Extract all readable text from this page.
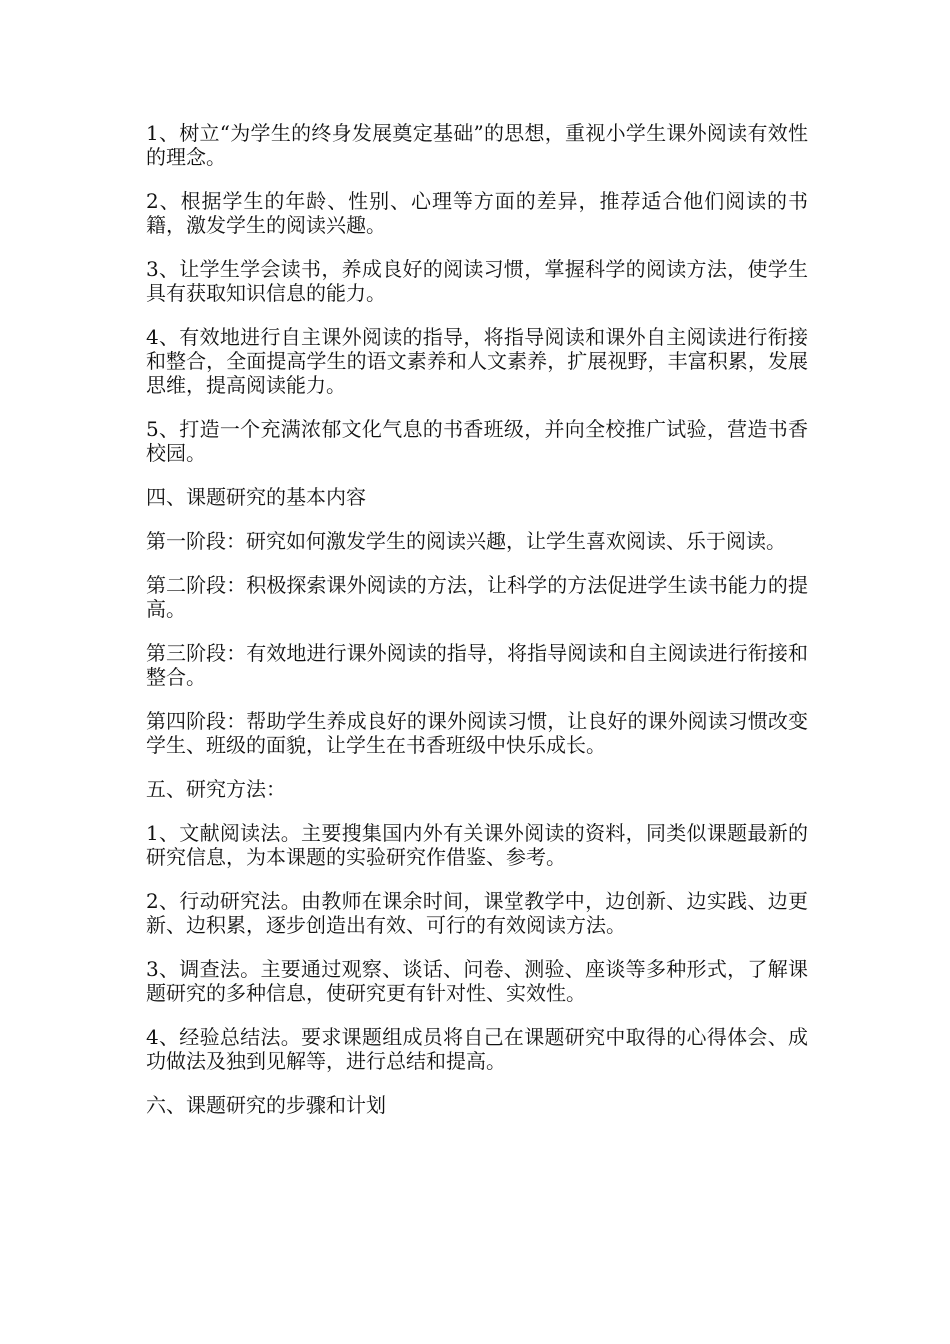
1、树立“为学生的终身发展奠定基础”的思想，重视小学生课外阅读有效性的理念。

2、根据学生的年龄、性别、心理等方面的差异，推荐适合他们阅读的书籍，激发学生的阅读兴趣。

3、让学生学会读书，养成良好的阅读习惯，掌握科学的阅读方法，使学生具有获取知识信息的能力。

4、有效地进行自主课外阅读的指导，将指导阅读和课外自主阅读进行衔接和整合，全面提高学生的语文素养和人文素养，扩展视野，丰富积累，发展思维，提高阅读能力。

5、打造一个充满浓郁文化气息的书香班级，并向全校推广试验，营造书香校园。

四、课题研究的基本内容

第一阶段：研究如何激发学生的阅读兴趣，让学生喜欢阅读、乐于阅读。

第二阶段：积极探索课外阅读的方法，让科学的方法促进学生读书能力的提高。

第三阶段：有效地进行课外阅读的指导，将指导阅读和自主阅读进行衔接和整合。

第四阶段：帮助学生养成良好的课外阅读习惯，让良好的课外阅读习惯改变学生、班级的面貌，让学生在书香班级中快乐成长。

五、研究方法：

1、文献阅读法。主要搜集国内外有关课外阅读的资料，同类似课题最新的研究信息，为本课题的实验研究作借鉴、参考。

2、行动研究法。由教师在课余时间，课堂教学中，边创新、边实践、边更新、边积累，逐步创造出有效、可行的有效阅读方法。

3、调查法。主要通过观察、谈话、问卷、测验、座谈等多种形式，了解课题研究的多种信息，使研究更有针对性、实效性。

4、经验总结法。要求课题组成员将自己在课题研究中取得的心得体会、成功做法及独到见解等，进行总结和提高。

六、课题研究的步骤和计划
